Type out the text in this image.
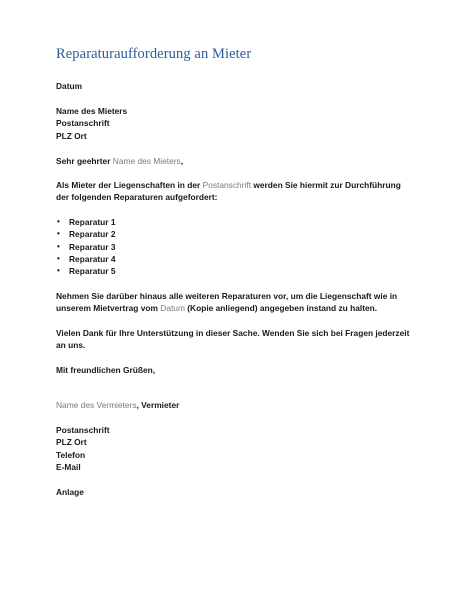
Reparaturaufforderung an Mieter

Datum

Name des Mieters

Postanschrift

PLZ Ort

Sehr geehrter Name des Mieters,

Als Mieter der Liegenschaften in der Postanschrift werden Sie hiermit zur Durchführung der folgenden Reparaturen aufgefordert:

• Reparatur 1
• Reparatur 2
• Reparatur 3
• Reparatur 4
• Reparatur 5

Nehmen Sie darüber hinaus alle weiteren Reparaturen vor, um die Liegenschaft wie in unserem Mietvertrag vom Datum (Kopie anliegend) angegeben instand zu halten.

Vielen Dank für Ihre Unterstützung in dieser Sache. Wenden Sie sich bei Fragen jederzeit an uns.

Mit freundlichen Grüßen,

Name des Vermieters, Vermieter

Postanschrift

PLZ Ort

Telefon

E-Mail

Anlage
